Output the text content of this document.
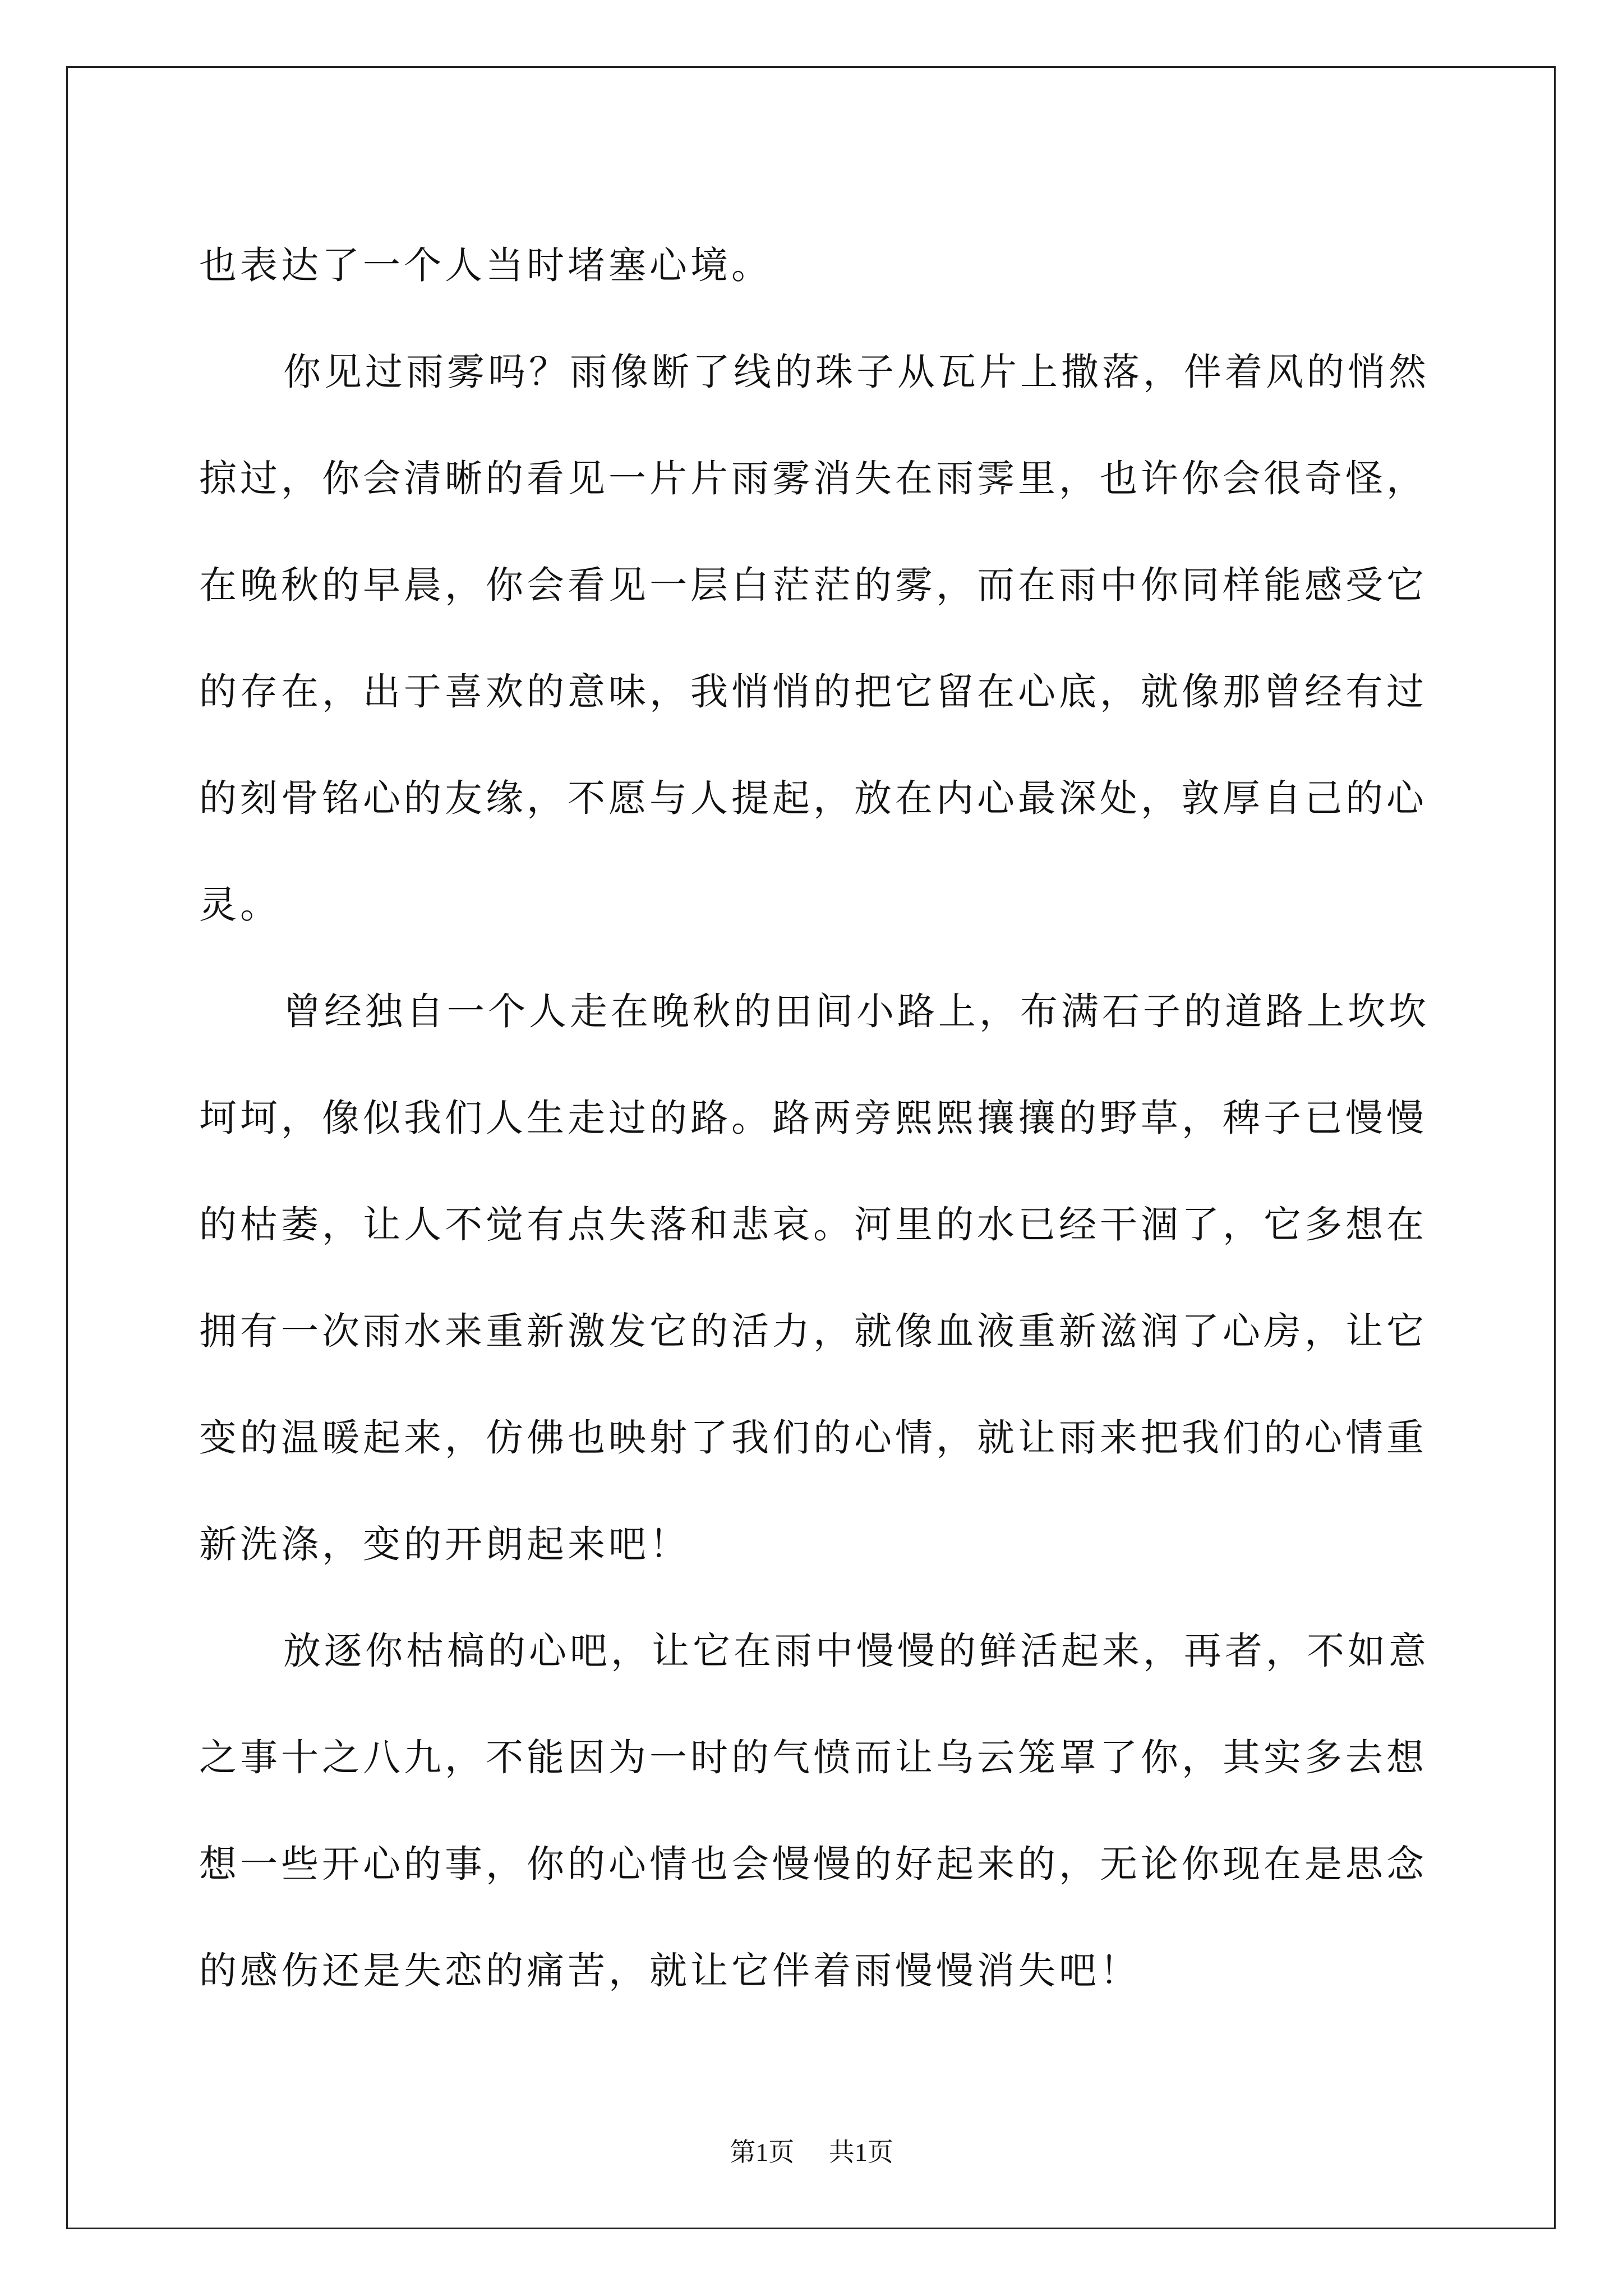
也表达了一个人当时堵塞心境。
你见过雨雾吗？雨像断了线的珠子从瓦片上撒落，伴着风的悄然
掠过，你会清晰的看见一片片雨雾消失在雨霁里，也许你会很奇怪，
在晚秋的早晨，你会看见一层白茫茫的雾，而在雨中你同样能感受它
的存在，出于喜欢的意味，我悄悄的把它留在心底，就像那曾经有过
的刻骨铭心的友缘，不愿与人提起，放在内心最深处，敦厚自己的心
灵。
曾经独自一个人走在晚秋的田间小路上，布满石子的道路上坎坎
坷坷，像似我们人生走过的路。路两旁熙熙攘攘的野草，稗子已慢慢
的枯萎，让人不觉有点失落和悲哀。河里的水已经干涸了，它多想在
拥有一次雨水来重新激发它的活力，就像血液重新滋润了心房，让它
变的温暖起来，仿佛也映射了我们的心情，就让雨来把我们的心情重
新洗涤，变的开朗起来吧！
放逐你枯槁的心吧，让它在雨中慢慢的鲜活起来，再者，不如意
之事十之八九，不能因为一时的气愤而让乌云笼罩了你，其实多去想
想一些开心的事，你的心情也会慢慢的好起来的，无论你现在是思念
的感伤还是失恋的痛苦，就让它伴着雨慢慢消失吧！
第1页 共1页
